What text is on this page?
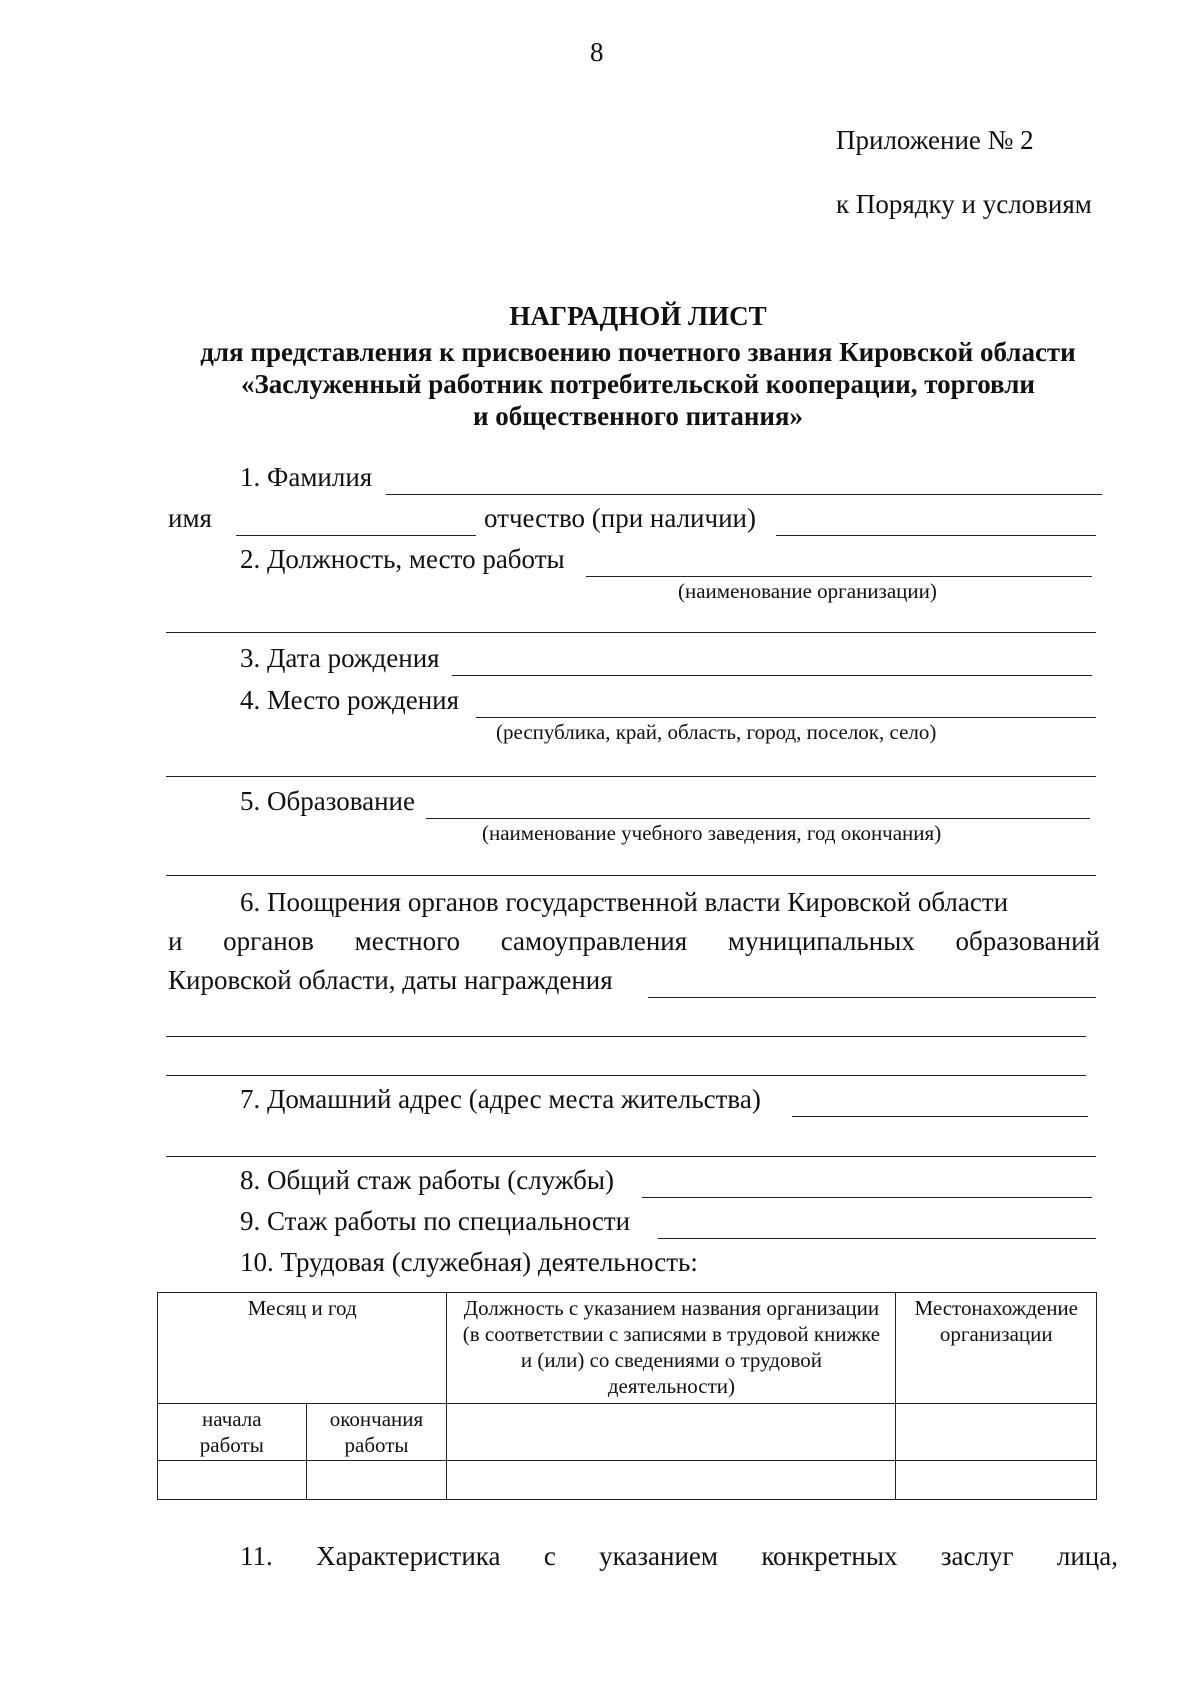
8
Приложение № 2
к Порядку и условиям
НАГРАДНОЙ ЛИСТ
для представления к присвоению почетного звания Кировской области
«Заслуженный работник потребительской кооперации, торговли
и общественного питания»
1. Фамилия
имя	отчество (при наличии)
2. Должность, место работы
(наименование организации)
3. Дата рождения
4. Место рождения
(республика, край, область, город, поселок, село)
5. Образование
(наименование учебного заведения, год окончания)
6. Поощрения органов государственной власти Кировской области
и органов местного самоуправления муниципальных образований
Кировской области, даты награждения
7. Домашний адрес (адрес места жительства)
8. Общий стаж работы (службы)
9. Стаж работы по специальности
10. Трудовая (служебная) деятельность:
Месяц и год		Должность с указанием названия организации (в соответствии с записями в трудовой книжке и (или) со сведениями о трудовой деятельности)	Местонахождение организации
начала работы	окончания работы		

11. Характеристика с указанием конкретных заслуг лица,
